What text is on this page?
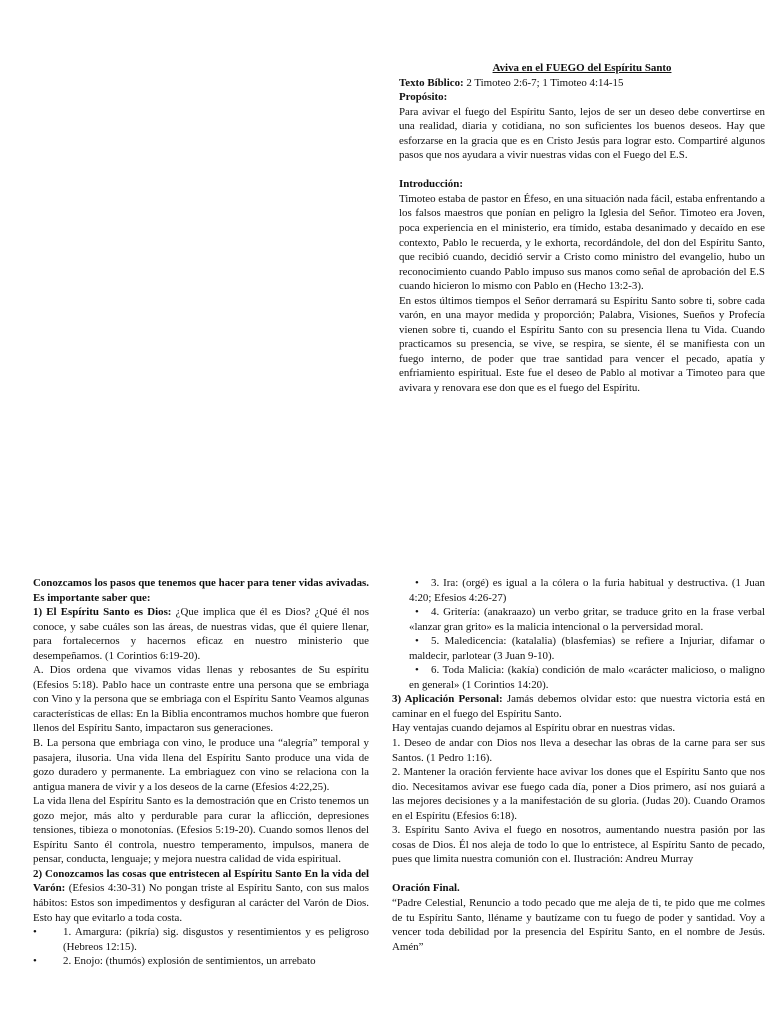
Aviva en el FUEGO del Espíritu Santo

Texto Bíblico: 2 Timoteo 2:6-7; 1 Timoteo 4:14-15

Propósito:

Para avivar el fuego del Espíritu Santo, lejos de ser un deseo debe convertirse en una realidad, diaria y cotidiana, no son suficientes los buenos deseos. Hay que esforzarse en la gracia que es en Cristo Jesús para lograr esto. Compartiré algunos pasos que nos ayudara a vivir nuestras vidas con el Fuego del E.S.

Introducción:

Timoteo estaba de pastor en Éfeso, en una situación nada fácil, estaba enfrentando a los falsos maestros que ponían en peligro la Iglesia del Señor. Timoteo era Joven, poca experiencia en el ministerio, era tímido, estaba desanimado y decaído en ese contexto, Pablo le recuerda, y le exhorta, recordándole, del don del Espíritu Santo, que recibió cuando, decidió servir a Cristo como ministro del evangelio, hubo un reconocimiento cuando Pablo impuso sus manos como señal de aprobación del E.S cuando hicieron lo mismo con Pablo en (Hecho 13:2-3).

En estos últimos tiempos el Señor derramará su Espíritu Santo sobre ti, sobre cada varón, en una mayor medida y proporción; Palabra, Visiones, Sueños y Profecía vienen sobre ti, cuando el Espíritu Santo con su presencia llena tu Vida. Cuando practicamos su presencia, se vive, se respira, se siente, él se manifiesta con un fuego interno, de poder que trae santidad para vencer el pecado, apatía y enfriamiento espiritual. Este fue el deseo de Pablo al motivar a Timoteo para que avivara y renovara ese don que es el fuego del Espíritu.

Conozcamos los pasos que tenemos que hacer para tener vidas avivadas. Es importante saber que:

1) El Espíritu Santo es Dios: ¿Que implica que él es Dios? ¿Qué él nos conoce, y sabe cuáles son las áreas, de nuestras vidas, que él quiere llenar, para fortalecernos y hacernos eficaz en nuestro ministerio que desempeñamos. (1 Corintios 6:19-20).

A. Dios ordena que vivamos vidas llenas y rebosantes de Su espíritu (Efesios 5:18). Pablo hace un contraste entre una persona que se embriaga con Vino y la persona que se embriaga con el Espíritu Santo Veamos algunas características de ellas: En la Biblia encontramos muchos hombre que fueron llenos del Espíritu Santo, impactaron sus generaciones.

B. La persona que embriaga con vino, le produce una “alegría” temporal y pasajera, ilusoria. Una vida llena del Espíritu Santo produce una vida de gozo duradero y permanente. La embriaguez con vino se relaciona con la antigua manera de vivir y a los deseos de la carne (Efesios 4:22,25).

La vida llena del Espíritu Santo es la demostración que en Cristo tenemos un gozo mejor, más alto y perdurable para curar la aflicción, depresiones tensiones, tibieza o monotonías. (Efesios 5:19-20). Cuando somos llenos del Espíritu Santo él controla, nuestro temperamento, impulsos, manera de pensar, conducta, lenguaje; y mejora nuestra calidad de vida espiritual.

2) Conozcamos las cosas que entristecen al Espíritu Santo En la vida del Varón: (Efesios 4:30-31) No pongan triste al Espíritu Santo, con sus malos hábitos: Estos son impedimentos y desfiguran al carácter del Varón de Dios. Esto hay que evitarlo a toda costa.

• 1. Amargura: (pikría) sig. disgustos y resentimientos y es peligroso (Hebreos 12:15).
• 2. Enojo: (thumós) explosión de sentimientos, un arrebato
• 3. Ira: (orgé) es igual a la cólera o la furia habitual y destructiva. (1 Juan 4:20; Efesios 4:26-27)
• 4. Gritería: (anakraazo) un verbo gritar, se traduce grito en la frase verbal «lanzar gran grito» es la malicia intencional o la perversidad moral.
• 5. Maledicencia: (katalalia) (blasfemias) se refiere a Injuriar, difamar o maldecir, parlotear (3 Juan 9-10).
• 6. Toda Malicia: (kakía) condición de malo «carácter malicioso, o maligno en general» (1 Corintios 14:20).

3) Aplicación Personal: Jamás debemos olvidar esto: que nuestra victoria está en caminar en el fuego del Espíritu Santo.

Hay ventajas cuando dejamos al Espíritu obrar en nuestras vidas.

1. Deseo de andar con Dios nos lleva a desechar las obras de la carne para ser sus Santos. (1 Pedro 1:16).

2. Mantener la oración ferviente hace avivar los dones que el Espíritu Santo que nos dio. Necesitamos avivar ese fuego cada día, poner a Dios primero, así nos guiará a las mejores decisiones y a la manifestación de su gloria. (Judas 20). Cuando Oramos en el Espíritu (Efesios 6:18).

3. Espíritu Santo Aviva el fuego en nosotros, aumentando nuestra pasión por las cosas de Dios. Él nos aleja de todo lo que lo entristece, al Espíritu Santo de pecado, pues que limita nuestra comunión con el. Ilustración: Andreu Murray

Oración Final.

“Padre Celestial, Renuncio a todo pecado que me aleja de ti, te pido que me colmes de tu Espíritu Santo, lléname y bautízame con tu fuego de poder y santidad. Voy a vencer toda debilidad por la presencia del Espíritu Santo, en el nombre de Jesús. Amén”
